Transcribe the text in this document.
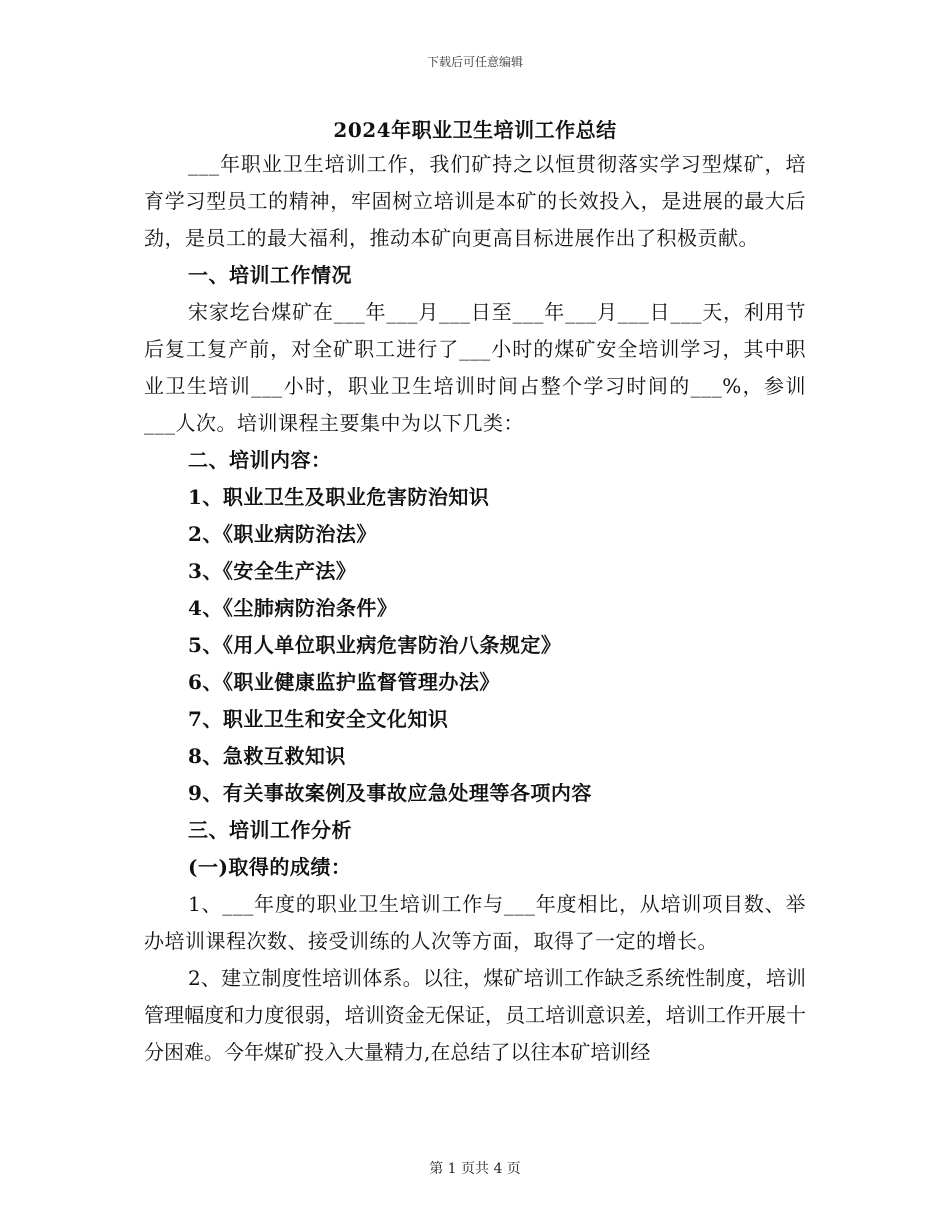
下载后可任意编辑
2024年职业卫生培训工作总结

___年职业卫生培训工作，我们矿持之以恒贯彻落实学习型煤矿，培育学习型员工的精神，牢固树立培训是本矿的长效投入，是进展的最大后劲，是员工的最大福利，推动本矿向更高目标进展作出了积极贡献。

一、培训工作情况

宋家圪台煤矿在___年___月___日至___年___月___日___天，利用节后复工复产前，对全矿职工进行了___小时的煤矿安全培训学习，其中职业卫生培训___小时，职业卫生培训时间占整个学习时间的___%，参训___人次。培训课程主要集中为以下几类：

二、培训内容：

1、职业卫生及职业危害防治知识

2、《职业病防治法》

3、《安全生产法》

4、《尘肺病防治条件》

5、《用人单位职业病危害防治八条规定》

6、《职业健康监护监督管理办法》

7、职业卫生和安全文化知识

8、急救互救知识

9、有关事故案例及事故应急处理等各项内容

三、培训工作分析

(一)取得的成绩：

1、___年度的职业卫生培训工作与___年度相比，从培训项目数、举办培训课程次数、接受训练的人次等方面，取得了一定的增长。

2、建立制度性培训体系。以往，煤矿培训工作缺乏系统性制度，培训管理幅度和力度很弱，培训资金无保证，员工培训意识差，培训工作开展十分困难。今年煤矿投入大量精力,在总结了以往本矿培训经

第 1 页共 4 页
